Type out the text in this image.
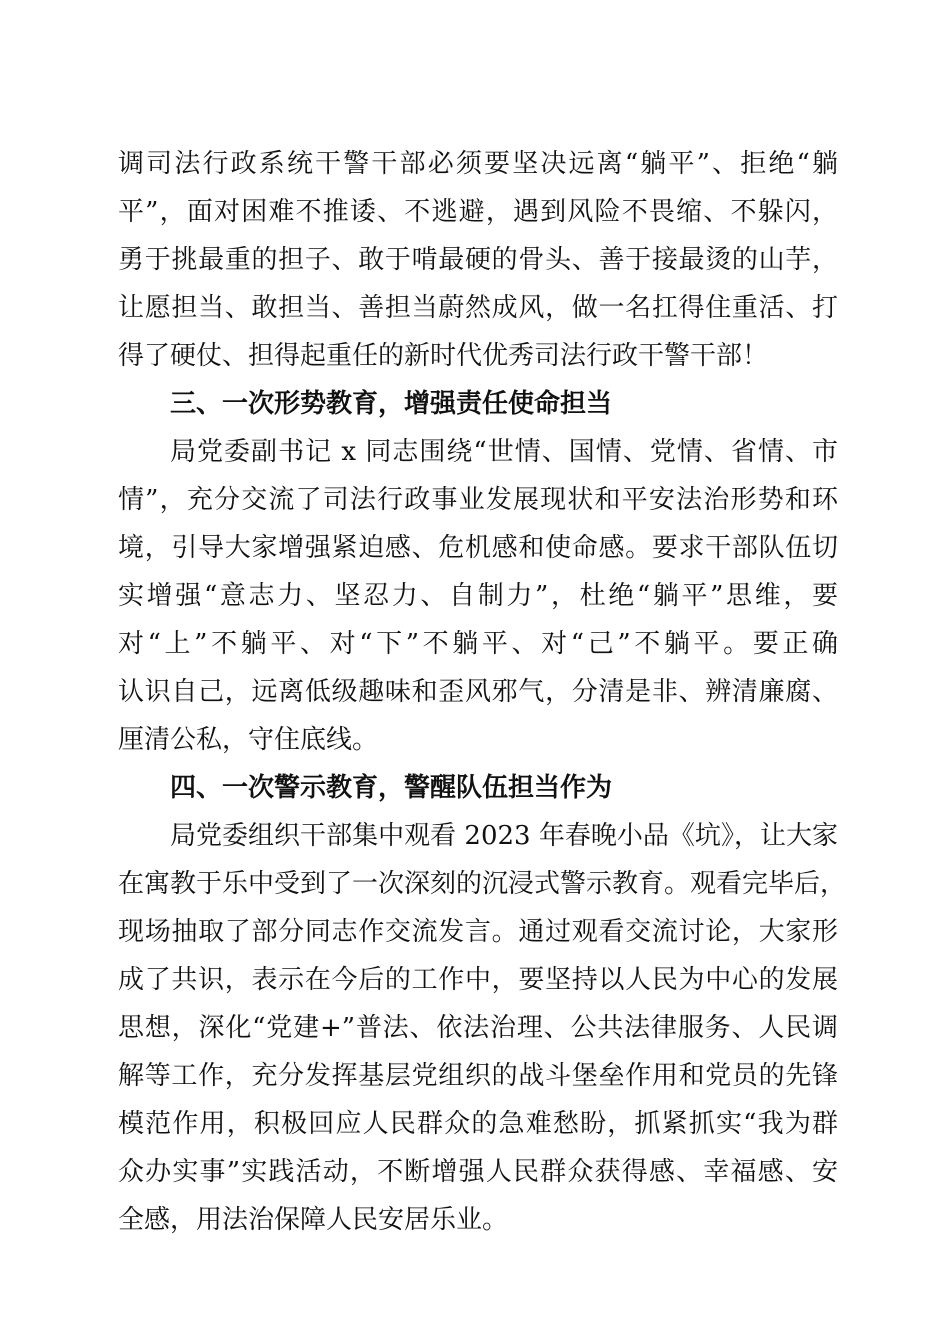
调司法行政系统干警干部必须要坚决远离“躺平”、拒绝“躺
平”，面对困难不推诿、不逃避，遇到风险不畏缩、不躲闪，
勇于挑最重的担子、敢于啃最硬的骨头、善于接最烫的山芋，
让愿担当、敢担当、善担当蔚然成风，做一名扛得住重活、打
得了硬仗、担得起重任的新时代优秀司法行政干警干部！
三、一次形势教育，增强责任使命担当
局党委副书记 x 同志围绕“世情、国情、党情、省情、市
情”，充分交流了司法行政事业发展现状和平安法治形势和环
境，引导大家增强紧迫感、危机感和使命感。要求干部队伍切
实增强“意志力、坚忍力、自制力”，杜绝“躺平”思维，要
对“上”不躺平、对“下”不躺平、对“己”不躺平。要正确
认识自己，远离低级趣味和歪风邪气，分清是非、辨清廉腐、
厘清公私，守住底线。
四、一次警示教育，警醒队伍担当作为
局党委组织干部集中观看 2023 年春晚小品《坑》，让大家
在寓教于乐中受到了一次深刻的沉浸式警示教育。观看完毕后，
现场抽取了部分同志作交流发言。通过观看交流讨论，大家形
成了共识，表示在今后的工作中，要坚持以人民为中心的发展
思想，深化“党建+”普法、依法治理、公共法律服务、人民调
解等工作，充分发挥基层党组织的战斗堡垒作用和党员的先锋
模范作用，积极回应人民群众的急难愁盼，抓紧抓实“我为群
众办实事”实践活动，不断增强人民群众获得感、幸福感、安
全感，用法治保障人民安居乐业。
